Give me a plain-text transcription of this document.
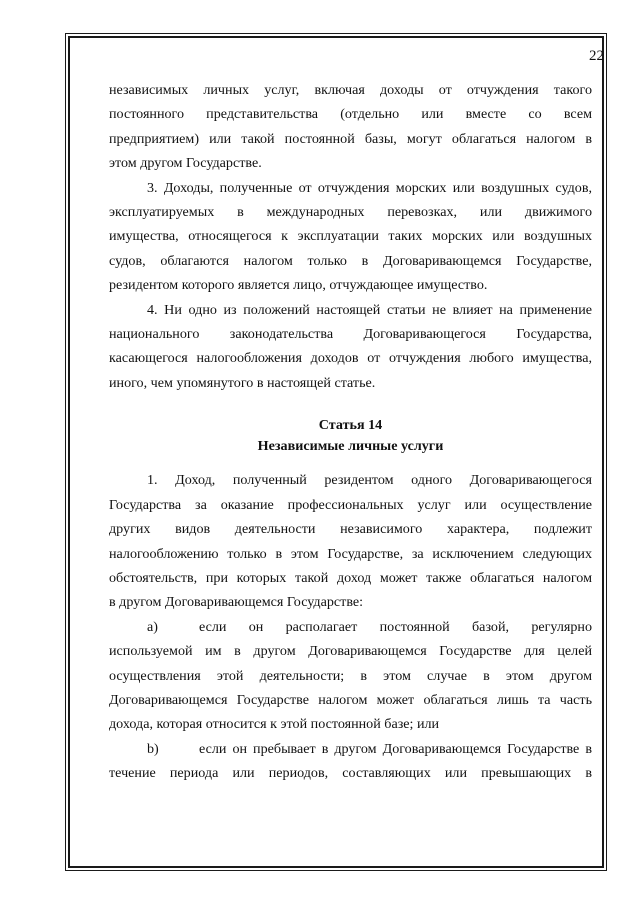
22

независимых личных услуг, включая доходы от отчуждения такого

постоянного представительства (отдельно или вместе со всем

предприятием) или такой постоянной базы, могут облагаться налогом в

этом другом Государстве.

3. Доходы, полученные от отчуждения морских или воздушных судов,

эксплуатируемых в международных перевозках, или движимого

имущества, относящегося к эксплуатации таких морских или воздушных

судов, облагаются налогом только в Договаривающемся Государстве,

резидентом которого является лицо, отчуждающее имущество.

4. Ни одно из положений настоящей статьи не влияет на применение

национального законодательства Договаривающегося Государства,

касающегося налогообложения доходов от отчуждения любого имущества,

иного, чем упомянутого в настоящей статье.

Статья 14

Независимые личные услуги

1. Доход, полученный резидентом одного Договаривающегося

Государства за оказание профессиональных услуг или осуществление

других видов деятельности независимого характера, подлежит

налогообложению только в этом Государстве, за исключением следующих

обстоятельств, при которых такой доход может также облагаться налогом

в другом Договаривающемся Государстве:

a)	если он располагает постоянной базой, регулярно

используемой им в другом Договаривающемся Государстве для целей

осуществления этой деятельности; в этом случае в этом другом

Договаривающемся Государстве налогом может облагаться лишь та часть

дохода, которая относится к этой постоянной базе; или

b)	если он пребывает в другом Договаривающемся Государстве в

течение периода или периодов, составляющих или превышающих в
